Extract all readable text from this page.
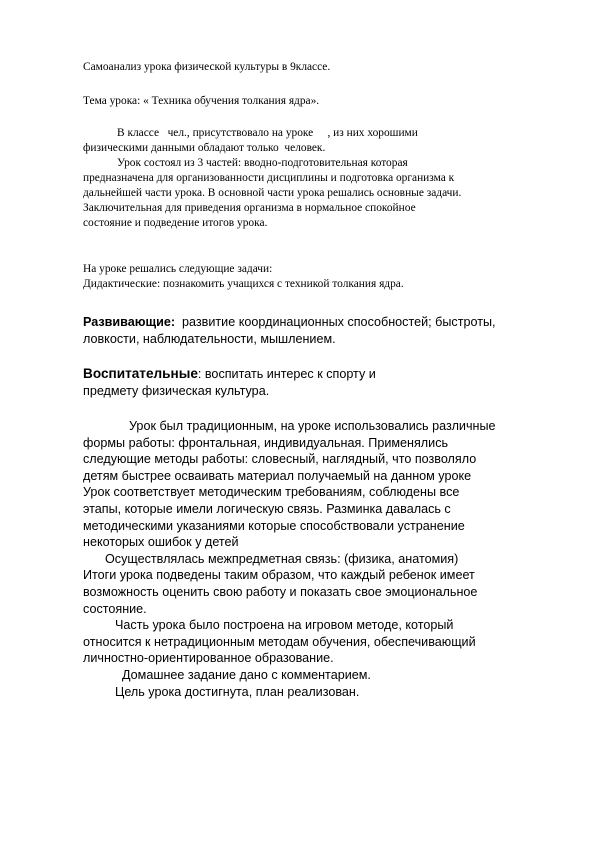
Самоанализ урока физической культуры в 9классе.
Тема урока: « Техника обучения толкания ядра».
В классе   чел., присутствовало на уроке     , из них хорошими
физическими данными обладают только  человек.
Урок состоял из 3 частей: вводно-подготовительная которая
предназначена для организованности дисциплины и подготовка организма к
дальнейшей части урока. В основной части урока решались основные задачи.
Заключительная для приведения организма в нормальное спокойное
состояние и подведение итогов урока.
На уроке решались следующие задачи:
Дидактические: познакомить учащихся с техникой толкания ядра.
Развивающие:  развитие координационных способностей; быстроты,
ловкости, наблюдательности, мышлением.
Воспитательные: воспитать интерес к спорту и
предмету физическая культура.
Урок был традиционным, на уроке использовались различные
формы работы: фронтальная, индивидуальная. Применялись
следующие методы работы: словесный, наглядный, что позволяло
детям быстрее осваивать материал получаемый на данном уроке
Урок соответствует методическим требованиям, соблюдены все
этапы, которые имели логическую связь. Разминка давалась с
методическими указаниями которые способствовали устранение
некоторых ошибок у детей
Осуществлялась межпредметная связь: (физика, анатомия)
Итоги урока подведены таким образом, что каждый ребенок имеет
возможность оценить свою работу и показать свое эмоциональное
состояние.
Часть урока было построена на игровом методе, который
относится к нетрадиционным методам обучения, обеспечивающий
личностно-ориентированное образование.
Домашнее задание дано с комментарием.
Цель урока достигнута, план реализован.
